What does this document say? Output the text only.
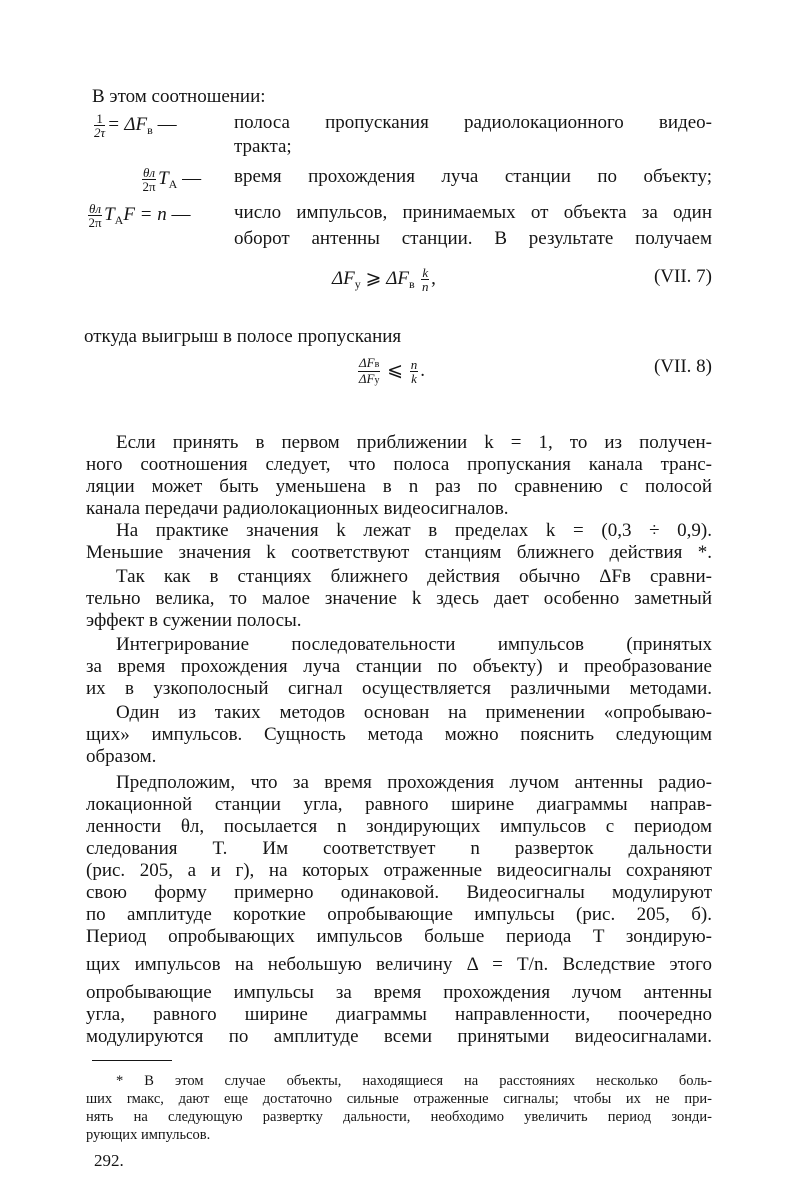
В этом соотношении:
$\frac{1}{2\tau} = \Delta F_в$ —	полоса пропускания радиолокационного видео-
тракта;
$\frac{\theta л}{2\pi} T_A$ — время прохождения луча станции по объекту;
$\frac{\theta л}{2\pi} T_AF = n$ — число импульсов, принимаемых от объекта за один
оборот антенны станции. В результате получаем
$\Delta F_у$ ⩾ $\Delta F_в \frac{k}{n}$ ,	(VII. 7)
откуда выигрыш в полосе пропускания
$\frac{\text{ΔFв}}{\text{ΔFу}}$ ⩽ $\frac{n}{k}$ .	(VII. 8)
Если принять в первом приближении k = 1, то из получен-
ного соотношения следует, что полоса пропускания канала транс-
ляции может быть уменьшена в n раз по сравнению с полосой
канала передачи радиолокационных видеосигналов.
На практике значения k лежат в пределах k = (0,3 ÷ 0,9).
Меньшие значения k соответствуют станциям ближнего действия *.
Так как в станциях ближнего действия обычно ΔFв сравни-
тельно велика, то малое значение k здесь дает особенно заметный
эффект в сужении полосы.
Интегрирование последовательности импульсов (принятых
за время прохождения луча станции по объекту) и преобразование
их в узкополосный сигнал осуществляется различными методами.
Один из таких методов основан на применении «опробываю-
щих» импульсов. Сущность метода можно пояснить следующим
образом.
Предположим, что за время прохождения лучом антенны радио-
локационной станции угла, равного ширине диаграммы направ-
ленности θл, посылается n зондирующих импульсов с периодом
следования T. Им соответствует n разверток дальности
(рис. 205, а и г), на которых отраженные видеосигналы сохраняют
свою форму примерно одинаковой. Видеосигналы модулируют
по амплитуде короткие опробывающие импульсы (рис. 205, б).
Период опробывающих импульсов больше периода T зондирую-
щих импульсов на небольшую величину Δ = T/n. Вследствие этого
опробывающие импульсы за время прохождения лучом антенны
угла, равного ширине диаграммы направленности, поочередно
модулируются по амплитуде всеми принятыми видеосигналами.
* В этом случае объекты, находящиеся на расстояниях несколько боль-
ших rмакс, дают еще достаточно сильные отраженные сигналы; чтобы их не при-
нять на следующую развертку дальности, необходимо увеличить период зонди-
рующих импульсов.
292.
